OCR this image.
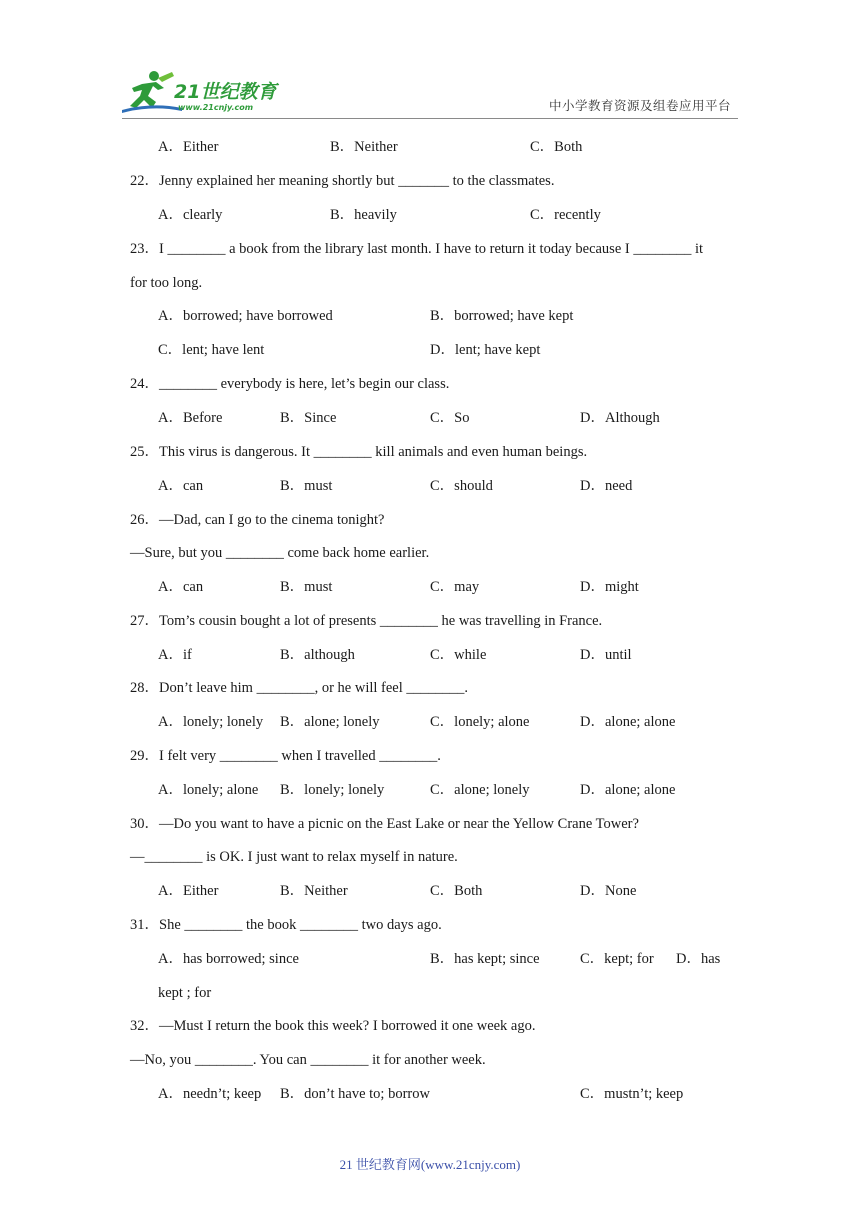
21世纪教育
www.21cnjy.com	中小学教育资源及组卷应用平台
A．Either	B．Neither	C．Both
22．Jenny explained her meaning shortly but _______ to the classmates.
A．clearly	B．heavily	C．recently
23．I ________ a book from the library last month. I have to return it today because I ________ it
for too long.
A．borrowed; have borrowed	B．borrowed; have kept
C．lent; have lent	D．lent; have kept
24．________ everybody is here, let’s begin our class.
A．Before	B．Since	C．So	D．Although
25．This virus is dangerous. It ________ kill animals and even human beings.
A．can	B．must	C．should	D．need
26．—Dad, can I go to the cinema tonight?
—Sure, but you ________ come back home earlier.
A．can	B．must	C．may	D．might
27．Tom’s cousin bought a lot of presents ________ he was travelling in France.
A．if	B．although	C．while	D．until
28．Don’t leave him ________, or he will feel ________.
A．lonely; lonely B．alone; lonely	C．lonely; alone	D．alone; alone
29．I felt very ________ when I travelled ________.
A．lonely; alone B．lonely; lonely	C．alone; lonely	D．alone; alone
30．—Do you want to have a picnic on the East Lake or near the Yellow Crane Tower?
—________ is OK. I just want to relax myself in nature.
A．Either	B．Neither	C．Both	D．None
31．She ________ the book ________ two days ago.
A．has borrowed; since	B．has kept; since	C．kept; for D．has
kept ; for
32．—Must I return the book this week? I borrowed it one week ago.
—No, you ________. You can ________ it for another week.
A．needn’t; keep B．don’t have to; borrow	C．mustn’t; keep
21 世纪教育网(www.21cnjy.com)
